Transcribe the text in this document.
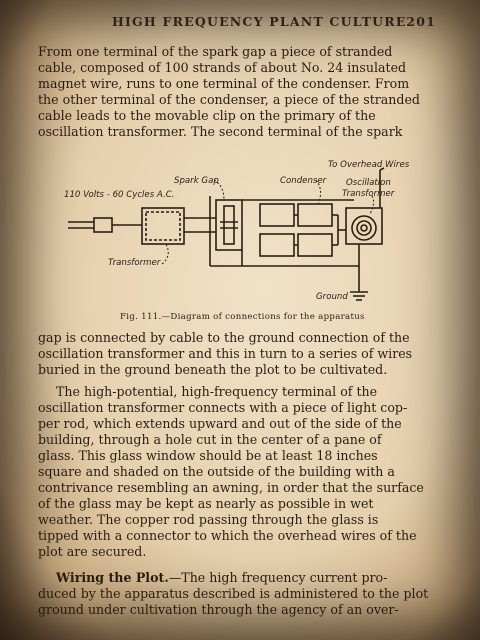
HIGH FREQUENCY PLANT CULTURE 201
From one terminal of the spark gap a piece of stranded
cable, composed of 100 strands of about No. 24 insulated
magnet wire, runs to one terminal of the condenser. From
the other terminal of the condenser, a piece of the stranded
cable leads to the movable clip on the primary of the
oscillation transformer. The second terminal of the spark
To Overhead Wires
110 Volts - 60 Cycles A.C.
Spark Gap	Condenser Oscillation
Transformer
Transformer
Ground
Fig. 111.—Diagram of connections for the apparatus
gap is connected by cable to the ground connection of the
oscillation transformer and this in turn to a series of wires
buried in the ground beneath the plot to be cultivated.
The high-potential, high-frequency terminal of the
oscillation transformer connects with a piece of light cop-
per rod, which extends upward and out of the side of the
building, through a hole cut in the center of a pane of
glass. This glass window should be at least 18 inches
square and shaded on the outside of the building with a
contrivance resembling an awning, in order that the surface
of the glass may be kept as nearly as possible in wet
weather. The copper rod passing through the glass is
tipped with a connector to which the overhead wires of the
plot are secured.
Wiring the Plot.—The high frequency current pro-
duced by the apparatus described is administered to the plot
ground under cultivation through the agency of an over-
